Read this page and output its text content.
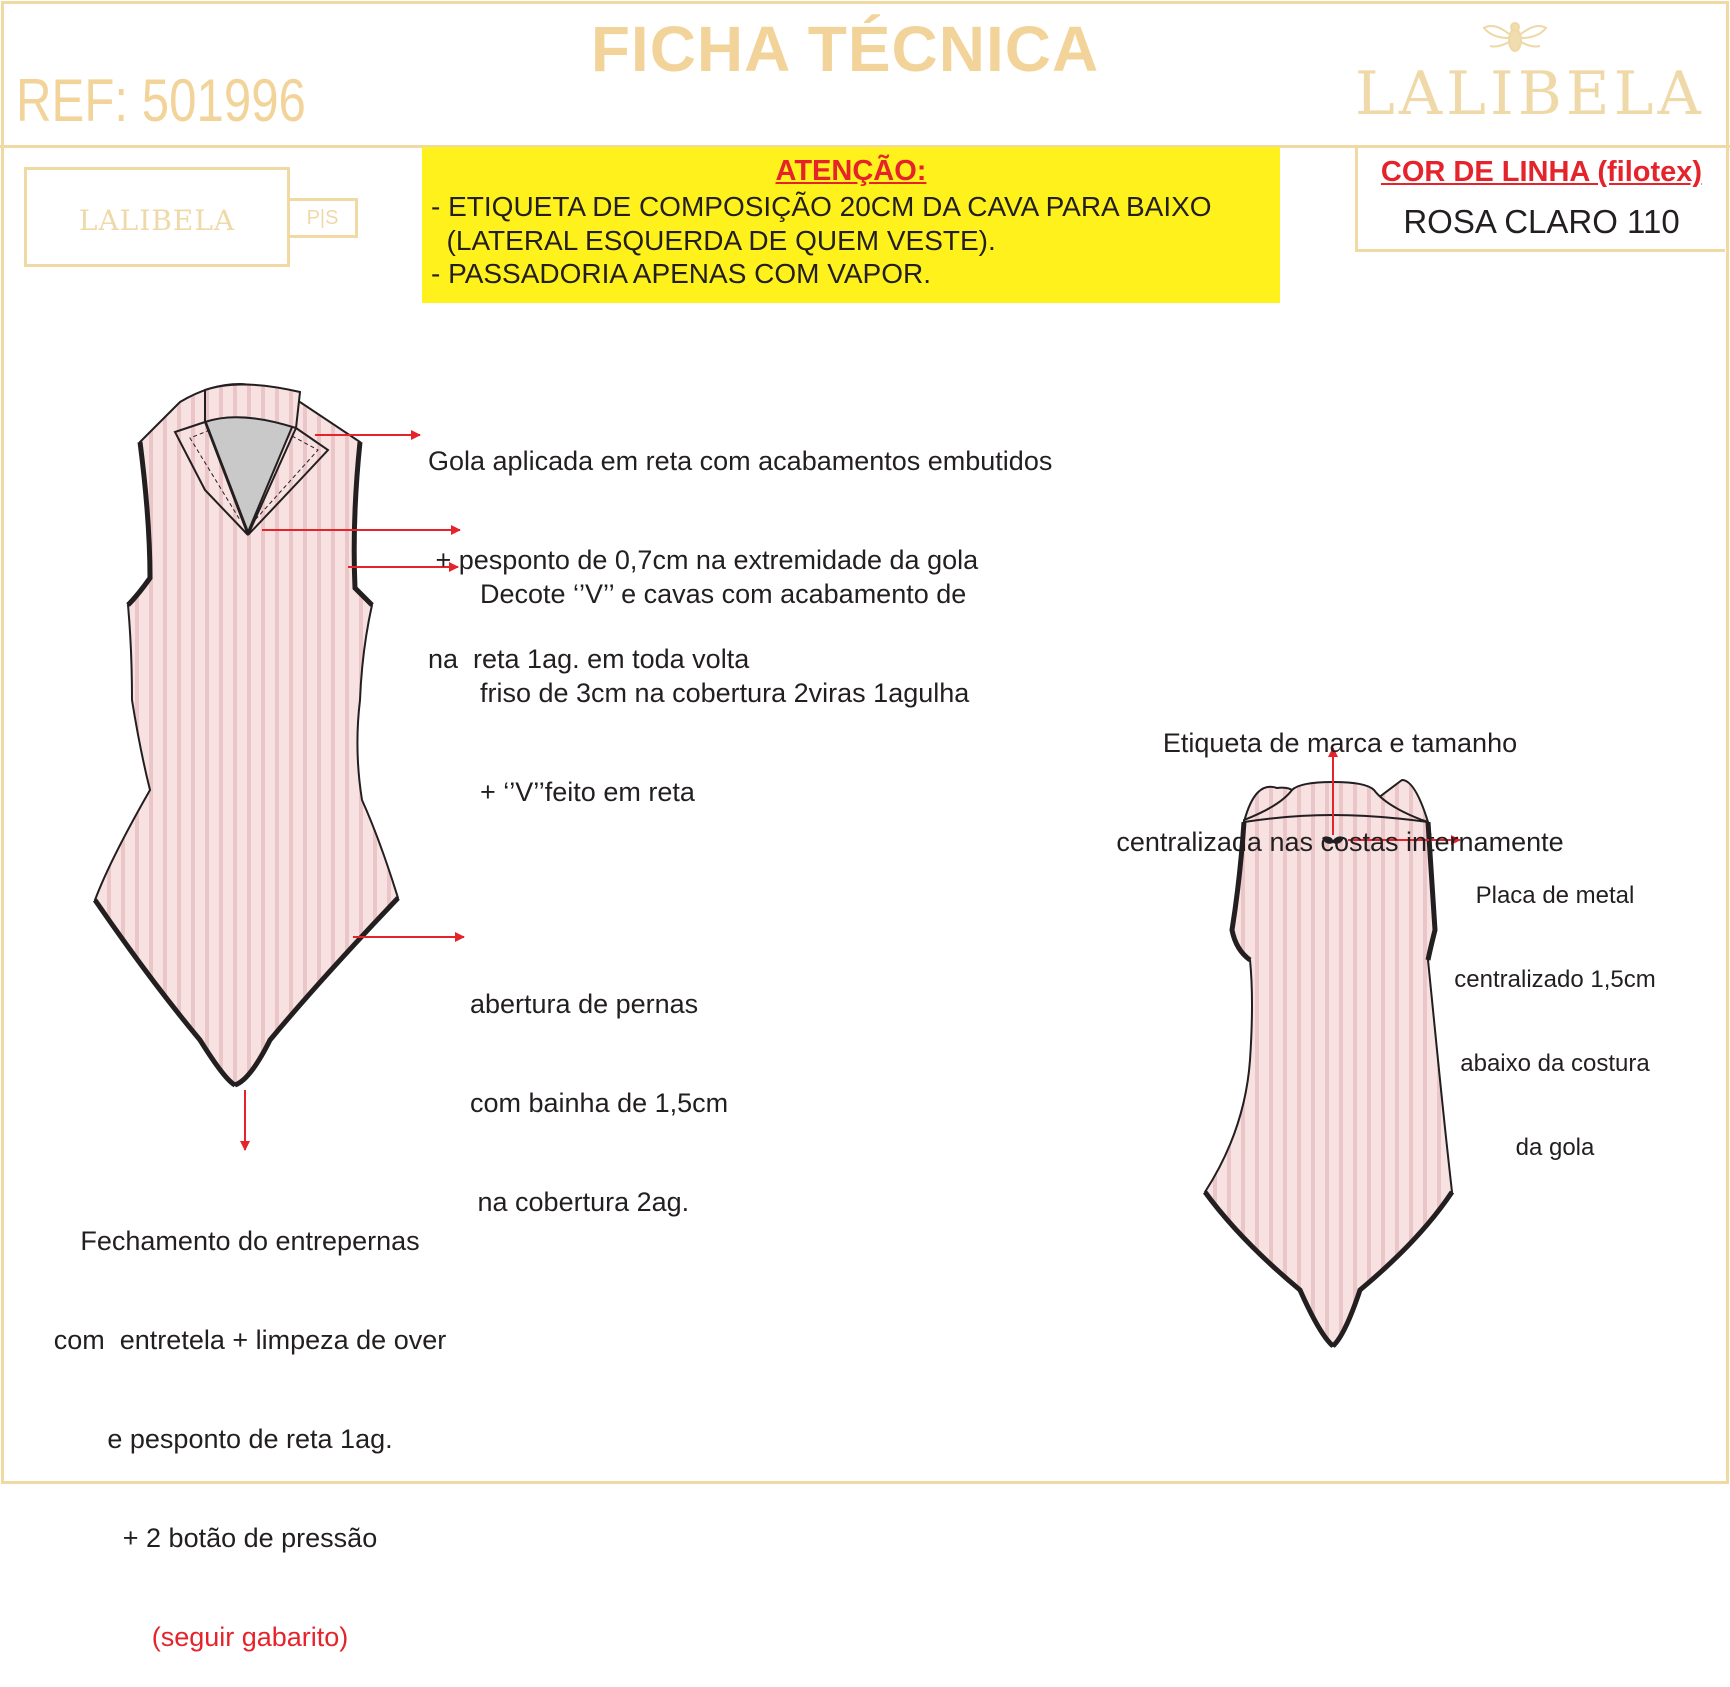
FICHA TÉCNICA
REF: 501996	LALIBELA
LALIBELA	P|S
ATENÇÃO:
- ETIQUETA DE COMPOSIÇÃO 20CM DA CAVA PARA BAIXO
(LATERAL ESQUERDA DE QUEM VESTE).
- PASSADORIA APENAS COM VAPOR.
COR DE LINHA (filotex)
ROSA CLARO 110

Gola aplicada em reta com acabamentos embutidos

+ pesponto de 0,7cm na extremidade da gola

na  reta 1ag. em toda volta

Decote ‘’V’’ e cavas com acabamento de

friso de 3cm na cobertura 2viras 1agulha

+ ‘’V’’feito em reta

abertura de pernas

com bainha de 1,5cm

na cobertura 2ag.

Fechamento do entrepernas

com  entretela + limpeza de over

e pesponto de reta 1ag.

+ 2 botão de pressão

(seguir gabarito)

Etiqueta de marca e tamanho

centralizada nas costas internamente

Placa de metal

centralizado 1,5cm

abaixo da costura

da gola
